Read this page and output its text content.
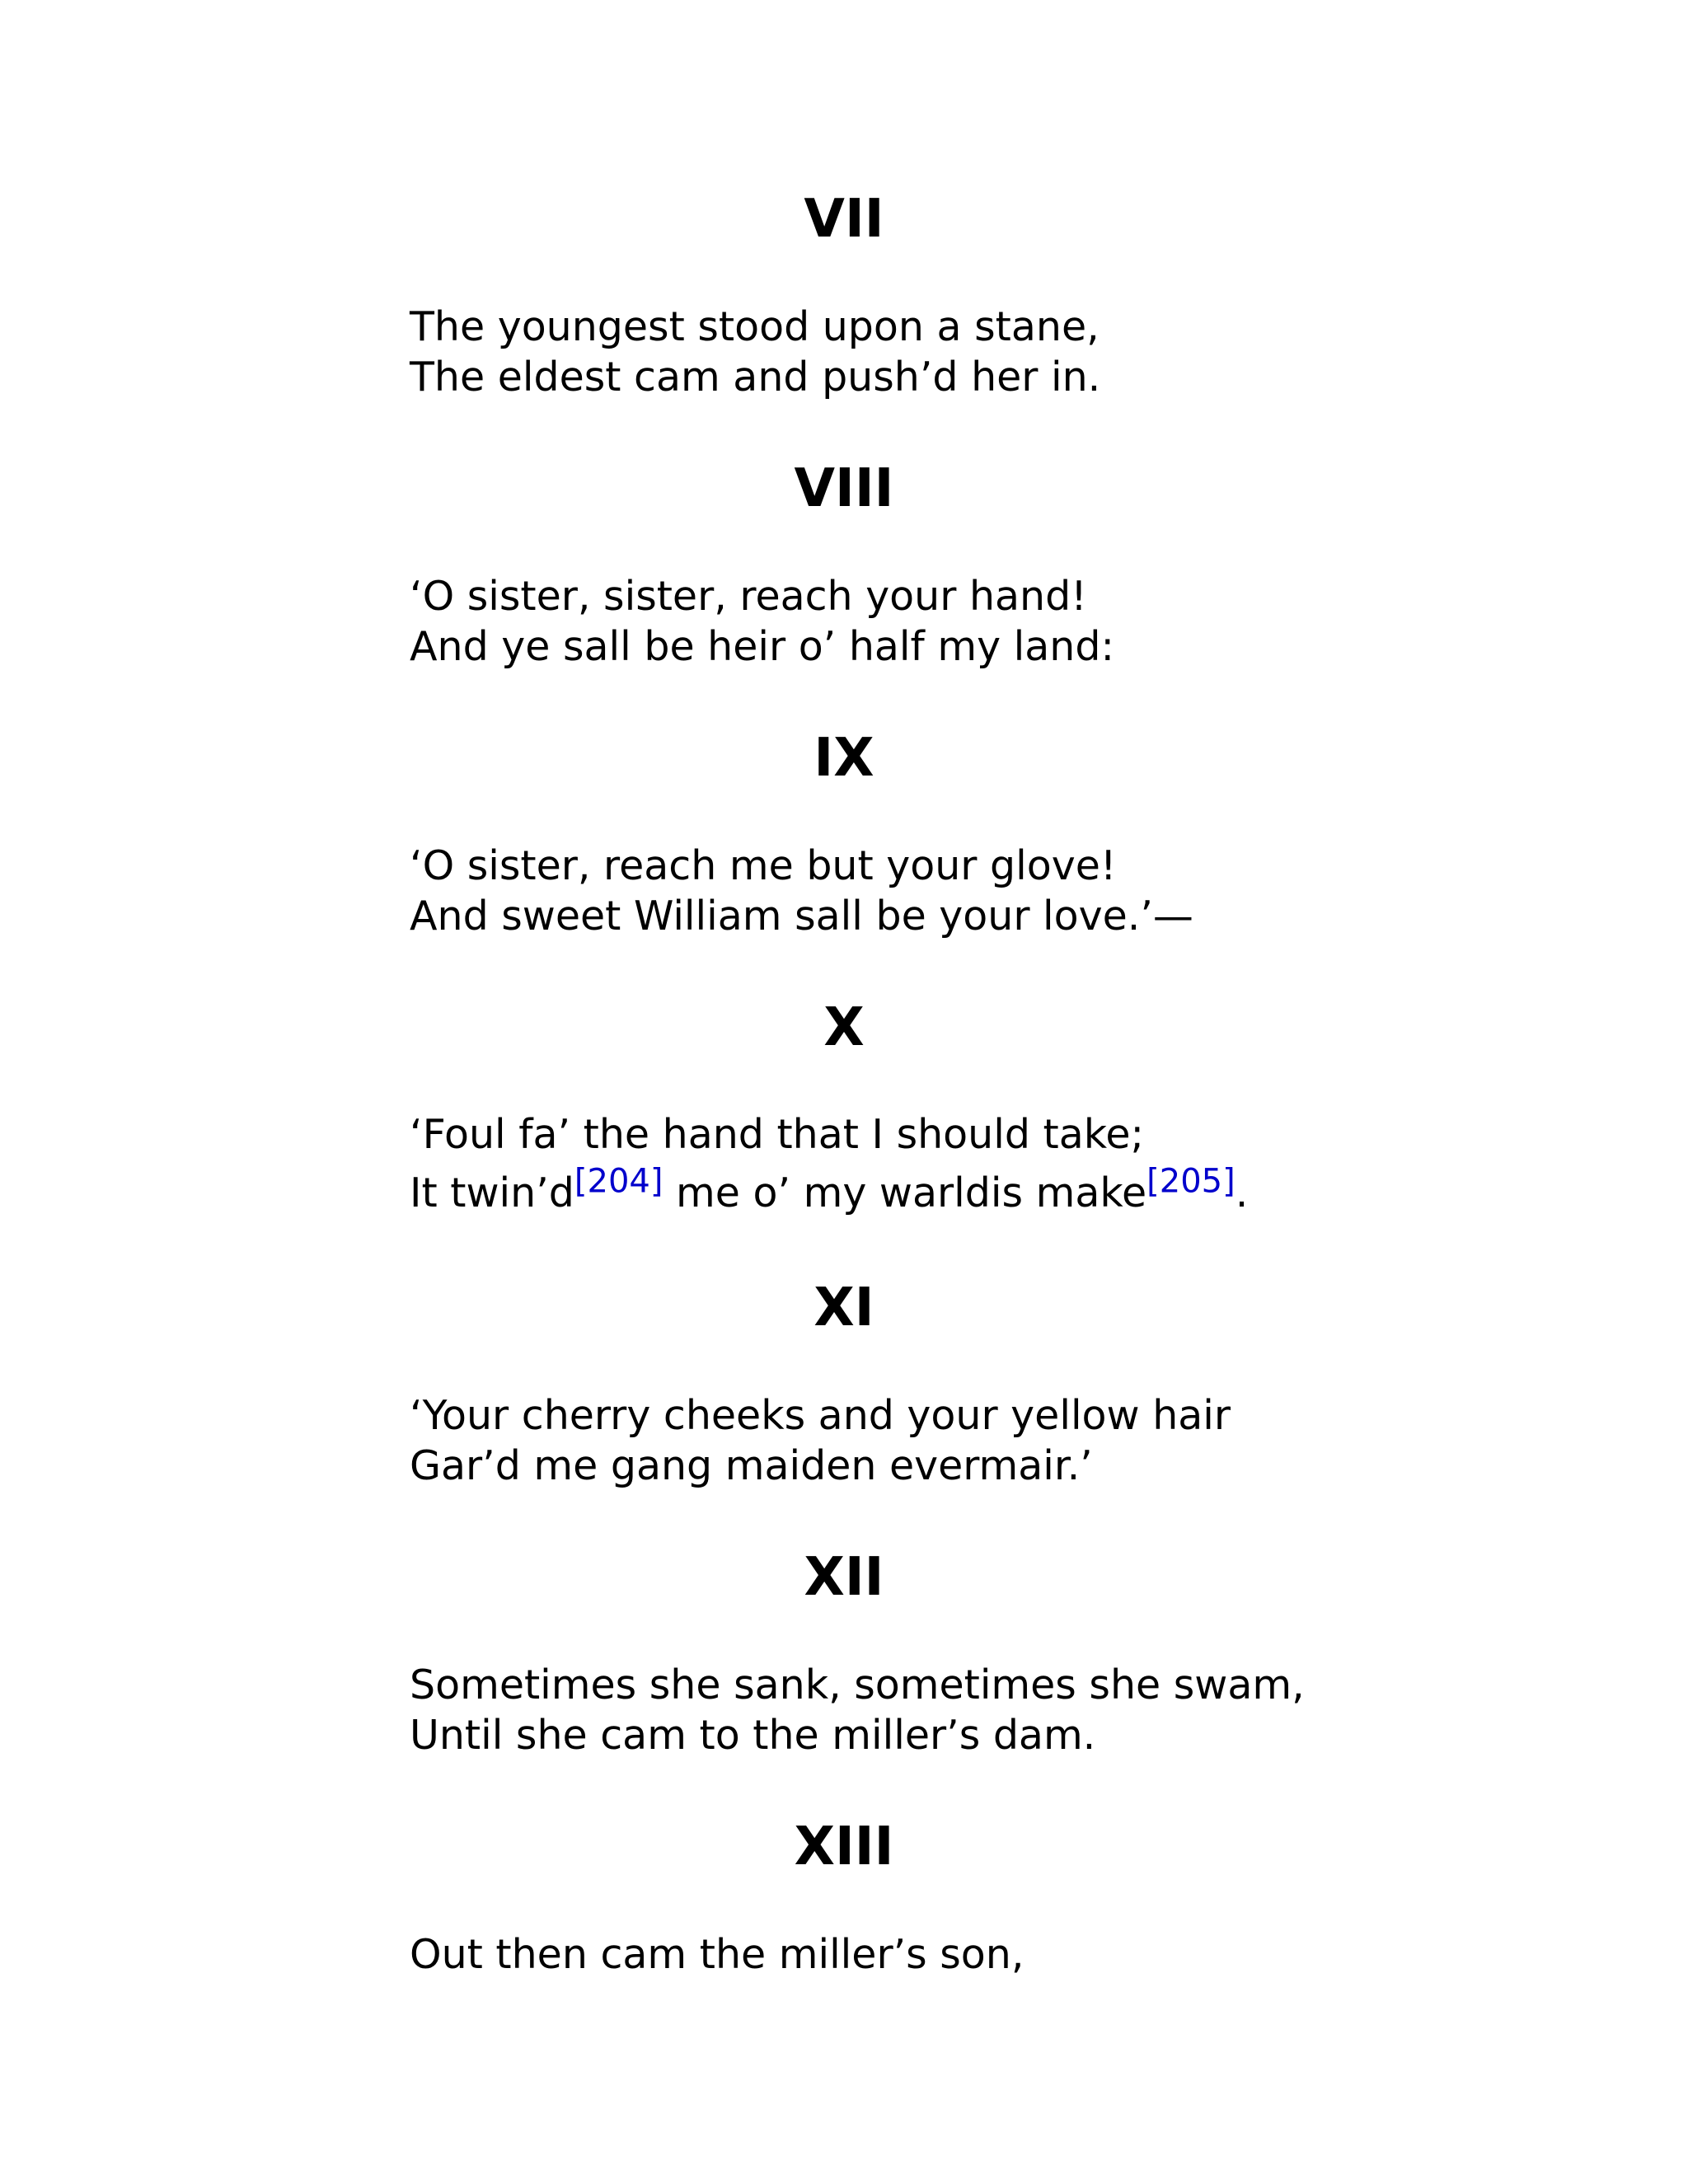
VII
The youngest stood upon a stane,
The eldest cam and push’d her in.
VIII
‘O sister, sister, reach your hand!
And ye sall be heir o’ half my land:
IX
‘O sister, reach me but your glove!
And sweet William sall be your love.’—
X
‘Foul fa’ the hand that I should take;
It twin’d[204] me o’ my warldis make[205].
XI
‘Your cherry cheeks and your yellow hair
Gar’d me gang maiden evermair.’
XII
Sometimes she sank, sometimes she swam,
Until she cam to the miller’s dam.
XIII
Out then cam the miller’s son,
